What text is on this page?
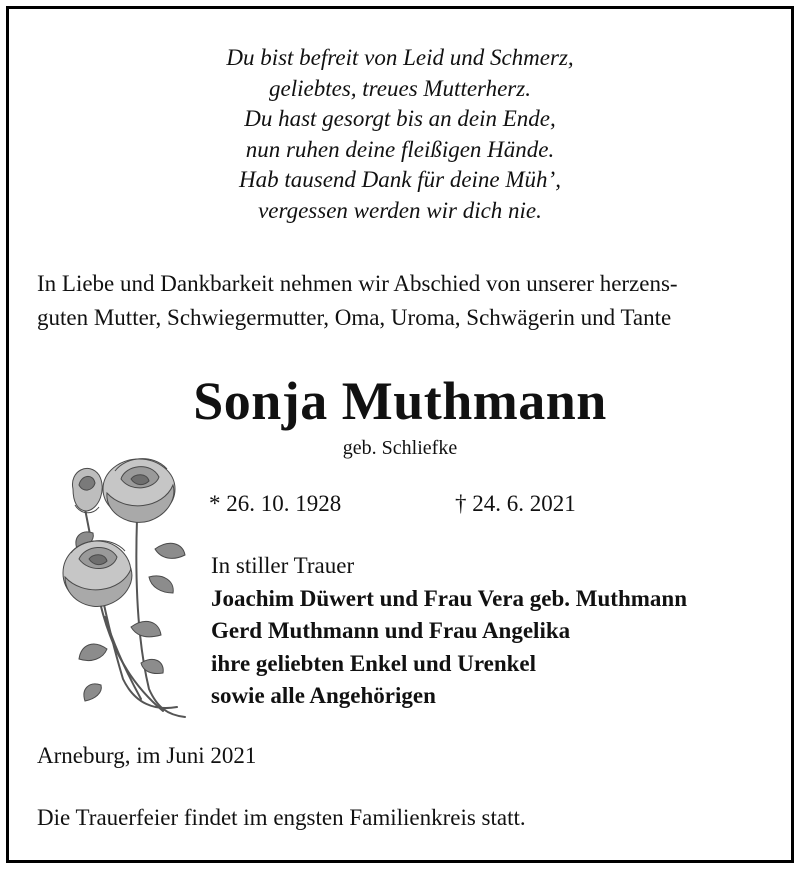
Du bist befreit von Leid und Schmerz,
geliebtes, treues Mutterherz.
Du hast gesorgt bis an dein Ende,
nun ruhen deine fleißigen Hände.
Hab tausend Dank für deine Müh’,
vergessen werden wir dich nie.
In Liebe und Dankbarkeit nehmen wir Abschied von unserer herzens-
guten Mutter, Schwiegermutter, Oma, Uroma, Schwägerin und Tante
Sonja Muthmann
geb. Schliefke
* 26. 10. 1928	† 24. 6. 2021
In stiller Trauer
Joachim Düwert und Frau Vera geb. Muthmann
Gerd Muthmann und Frau Angelika
ihre geliebten Enkel und Urenkel
sowie alle Angehörigen
Arneburg, im Juni 2021
Die Trauerfeier findet im engsten Familienkreis statt.
